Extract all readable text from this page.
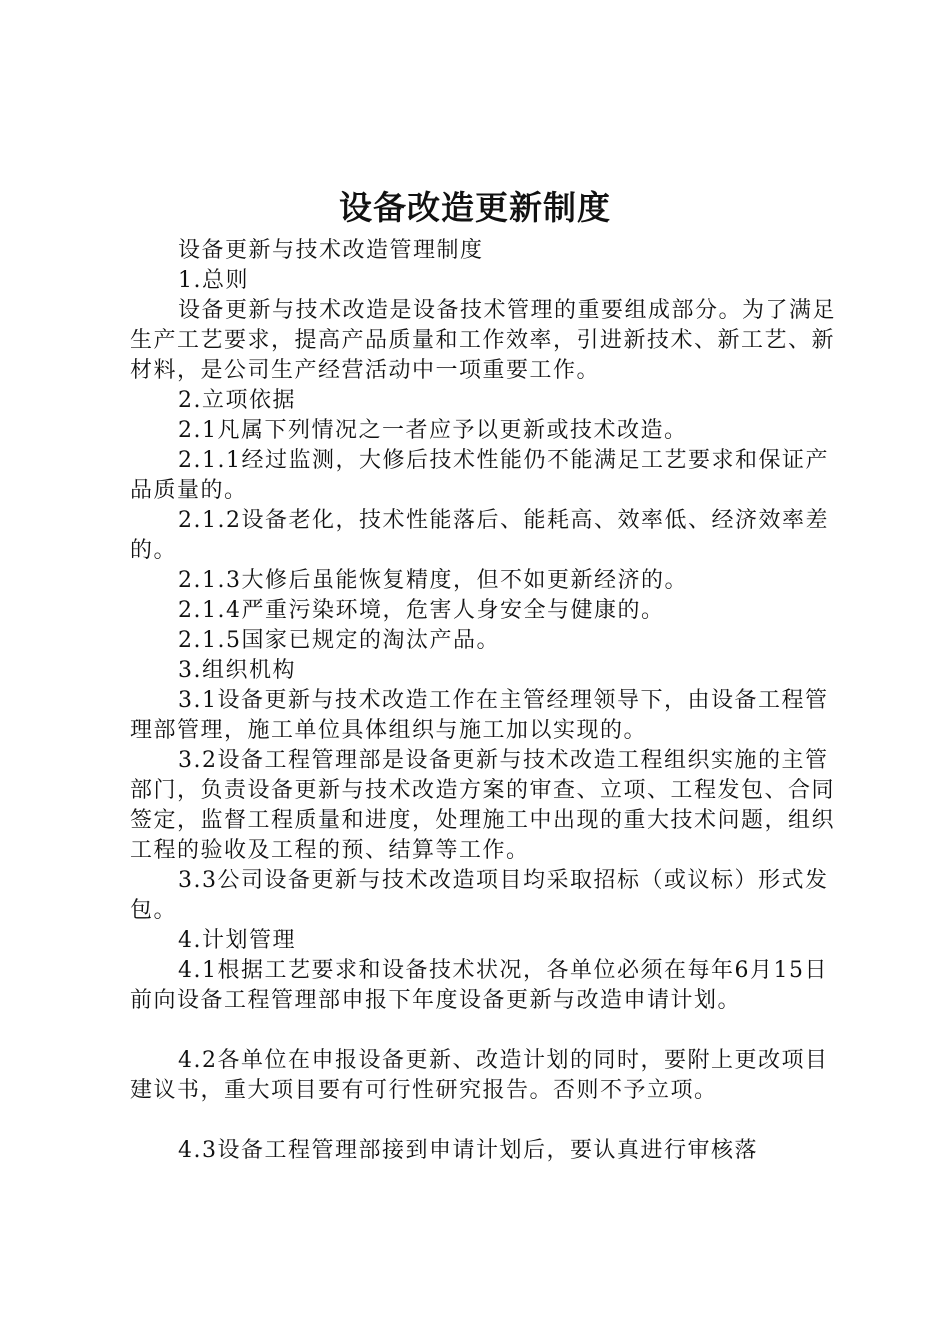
设备改造更新制度

设备更新与技术改造管理制度

1.总则

设备更新与技术改造是设备技术管理的重要组成部分。为了满足生产工艺要求，提高产品质量和工作效率，引进新技术、新工艺、新材料，是公司生产经营活动中一项重要工作。

2.立项依据

2.1凡属下列情况之一者应予以更新或技术改造。

2.1.1经过监测，大修后技术性能仍不能满足工艺要求和保证产品质量的。

2.1.2设备老化，技术性能落后、能耗高、效率低、经济效率差的。

2.1.3大修后虽能恢复精度，但不如更新经济的。

2.1.4严重污染环境，危害人身安全与健康的。

2.1.5国家已规定的淘汰产品。

3.组织机构

3.1设备更新与技术改造工作在主管经理领导下，由设备工程管理部管理，施工单位具体组织与施工加以实现的。

3.2设备工程管理部是设备更新与技术改造工程组织实施的主管部门，负责设备更新与技术改造方案的审查、立项、工程发包、合同签定，监督工程质量和进度，处理施工中出现的重大技术问题，组织工程的验收及工程的预、结算等工作。

3.3公司设备更新与技术改造项目均采取招标（或议标）形式发包。

4.计划管理

4.1根据工艺要求和设备技术状况，各单位必须在每年6月15日前向设备工程管理部申报下年度设备更新与改造申请计划。

4.2各单位在申报设备更新、改造计划的同时，要附上更改项目建议书，重大项目要有可行性研究报告。否则不予立项。

4.3设备工程管理部接到申请计划后，要认真进行审核落
